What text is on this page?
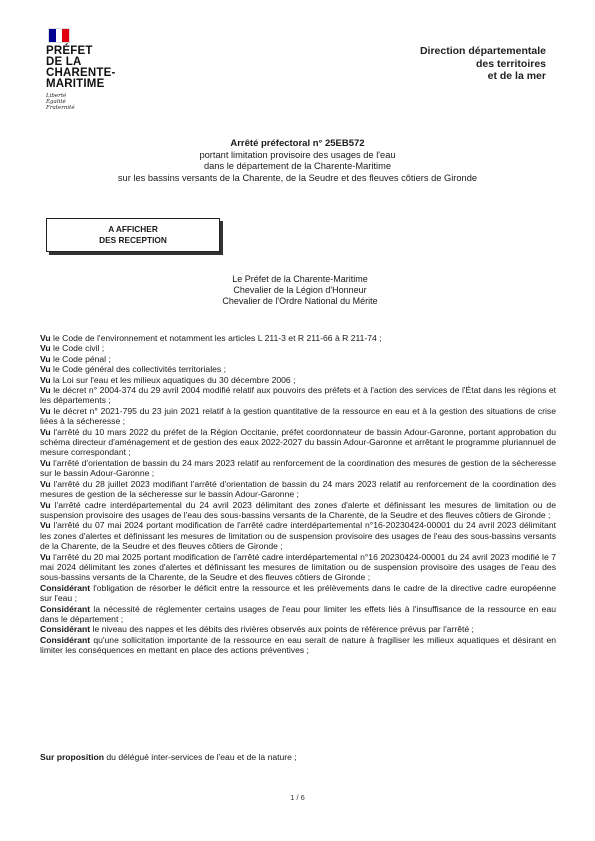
PRÉFET
DE LA
CHARENTE-
MARITIME
Liberté
Égalité
Fraternité
Direction départementale
des territoires
et de la mer
Arrêté préfectoral n° 25EB572
portant limitation provisoire des usages de l'eau
dans le département de la Charente-Maritime
sur les bassins versants de la Charente, de la Seudre et des fleuves côtiers de Gironde
A AFFICHER
DES RECEPTION
Le Préfet de la Charente-Maritime
Chevalier de la Légion d'Honneur
Chevalier de l'Ordre National du Mérite

Vu le Code de l'environnement et notamment les articles L 211-3 et R 211-66 à R 211-74 ;

Vu le Code civil ;

Vu le Code pénal ;

Vu le Code général des collectivités territoriales ;

Vu la Loi sur l'eau et les milieux aquatiques du 30 décembre 2006 ;

Vu le décret n° 2004-374 du 29 avril 2004 modifié relatif aux pouvoirs des préfets et à l'action des services de l'État dans les régions et les départements ;

Vu le décret n° 2021-795 du 23 juin 2021 relatif à la gestion quantitative de la ressource en eau et à la gestion des situations de crise liées à la sécheresse ;

Vu l'arrêté du 10 mars 2022 du préfet de la Région Occitanie, préfet coordonnateur de bassin Adour-Garonne, portant approbation du schéma directeur d'aménagement et de gestion des eaux 2022-2027 du bassin Adour-Garonne et arrêtant le programme pluriannuel de mesure correspondant ;

Vu l'arrêté d'orientation de bassin du 24 mars 2023 relatif au renforcement de la coordination des mesures de gestion de la sécheresse sur le bassin Adour-Garonne ;

Vu l'arrêté du 28 juillet 2023 modifiant l'arrêté d'orientation de bassin du 24 mars 2023 relatif au renforcement de la coordination des mesures de gestion de la sécheresse sur le bassin Adour-Garonne ;

Vu l'arrêté cadre interdépartemental du 24 avril 2023 délimitant des zones d'alerte et définissant les mesures de limitation ou de suspension provisoire des usages de l'eau des sous-bassins versants de la Charente, de la Seudre et des fleuves côtiers de Gironde ;

Vu l'arrêté du 07 mai 2024 portant modification de l'arrêté cadre interdépartemental n°16-20230424-00001 du 24 avril 2023 délimitant les zones d'alertes et définissant les mesures de limitation ou de suspension provisoire des usages de l'eau des sous-bassins versants de la Charente, de la Seudre et des fleuves côtiers de Gironde ;

Vu l'arrêté du 20 mai 2025 portant modification de l'arrêté cadre interdépartemental n°16 20230424-00001 du 24 avril 2023 modifié le 7 mai 2024 délimitant les zones d'alertes et définissant les mesures de limitation ou de suspension provisoire des usages de l'eau des sous-bassins versants de la Charente, de la Seudre et des fleuves côtiers de Gironde ;

Considérant l'obligation de résorber le déficit entre la ressource et les prélèvements dans le cadre de la directive cadre européenne sur l'eau ;

Considérant la nécessité de réglementer certains usages de l'eau pour limiter les effets liés à l'insuffisance de la ressource en eau dans le département ;

Considérant le niveau des nappes et les débits des rivières observés aux points de référence prévus par l'arrêté ;

Considérant qu'une sollicitation importante de la ressource en eau serait de nature à fragiliser les milieux aquatiques et désirant en limiter les conséquences en mettant en place des actions préventives ;

Sur proposition du délégué inter-services de l'eau et de la nature ;
1 / 6
